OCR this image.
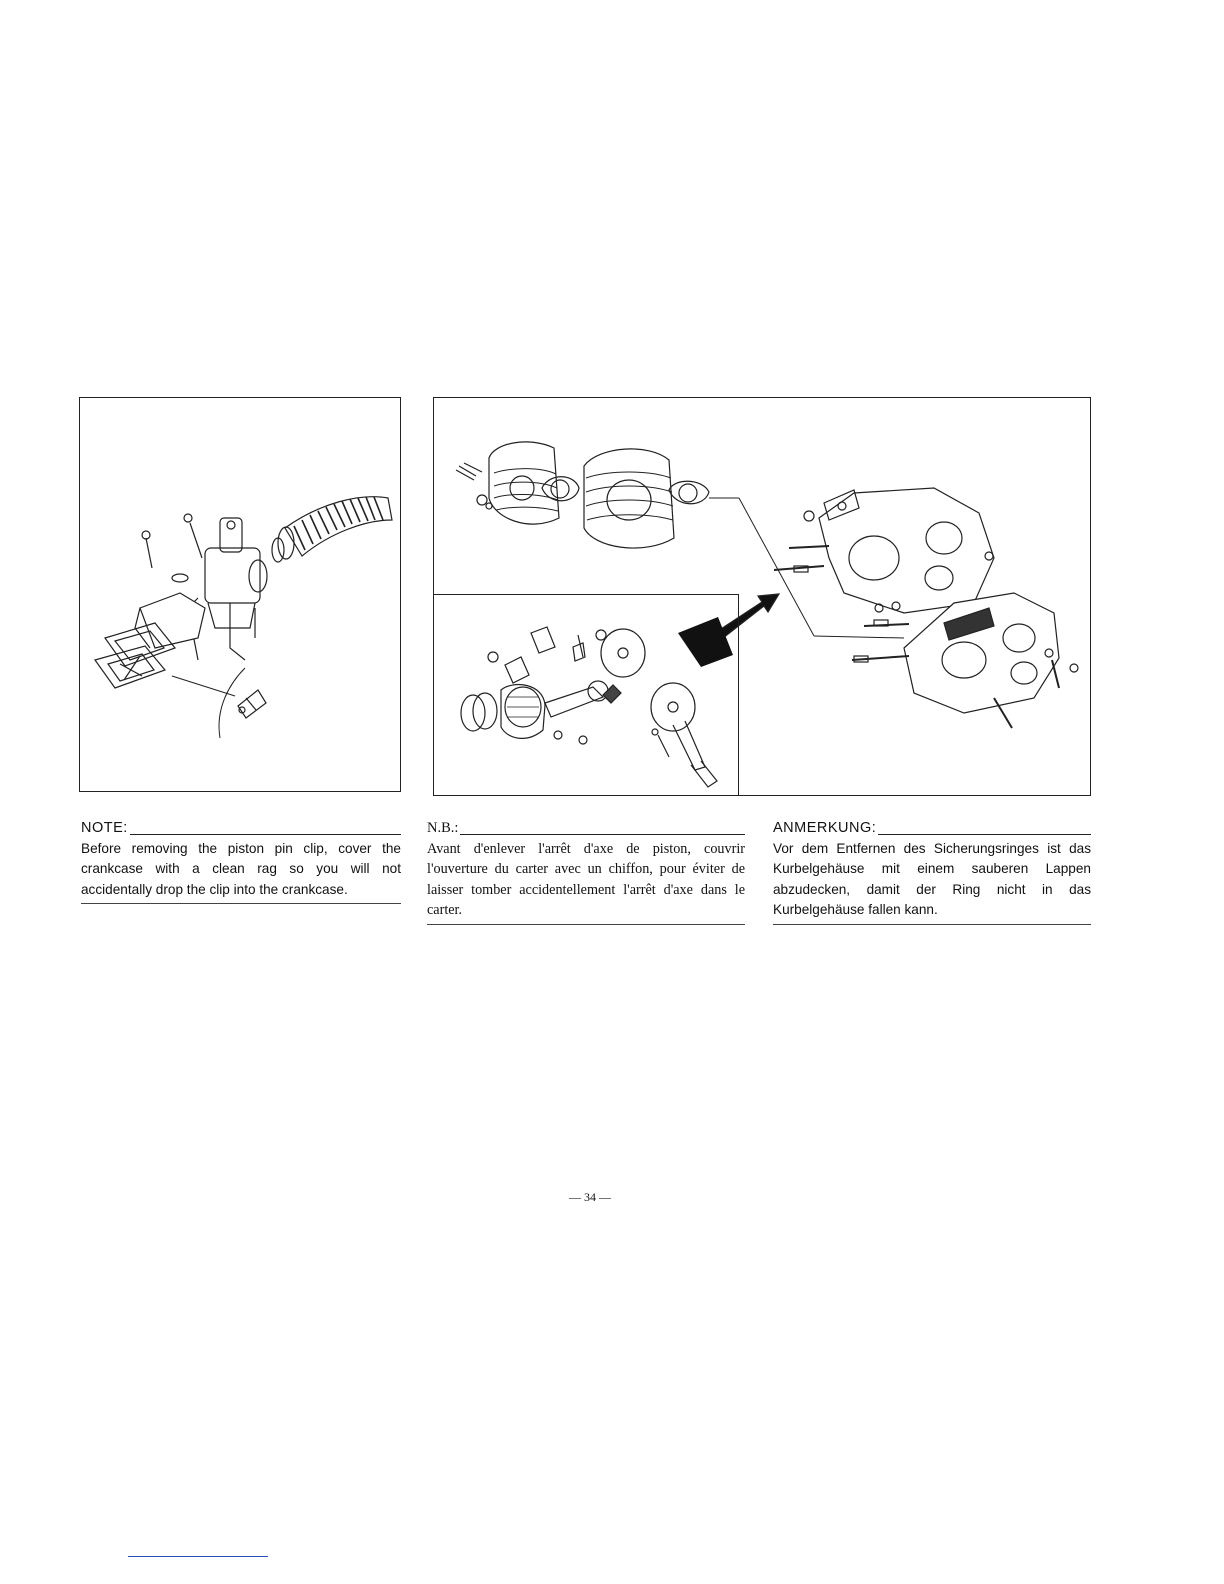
NOTE:
Before removing the piston pin clip, cover the crankcase with a clean rag so you will not accidentally drop the clip into the crankcase.
N.B.:
Avant d'enlever l'arrêt d'axe de piston, couvrir l'ouverture du carter avec un chiffon, pour éviter de laisser tomber accidentellement l'arrêt d'axe dans le carter.
ANMERKUNG:
Vor dem Entfernen des Sicherungsringes ist das Kurbelgehäuse mit einem sauberen Lappen abzudecken, damit der Ring nicht in das Kurbelgehäuse fallen kann.
— 34 —
